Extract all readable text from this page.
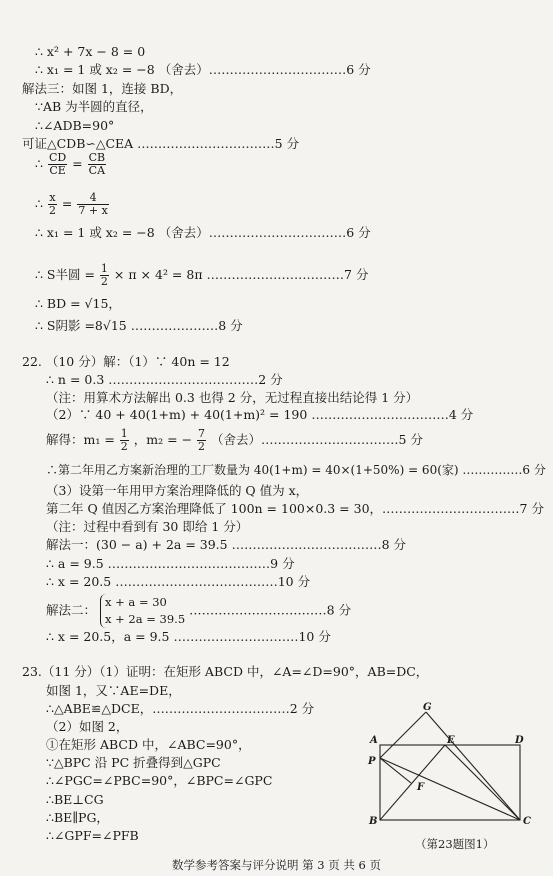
∴ x² + 7x − 8 = 0
∴ x₁ = 1 或 x₂ = −8 （舍去）……………………………6 分
解法三：如图 1，连接 BD，
∵AB 为半圆的直径，
∴∠ADB=90°
可证△CDB∽△CEA ……………………………5 分
∴ $\frac{CD}{CE} = \frac{CB}{CA}$
∴ $\frac{x}{2} = \frac{4}{7 + x}$
∴ x₁ = 1 或 x₂ = −8 （舍去）……………………………6 分
∴ S半圆 = $\frac{1}{2} \times \pi \times 4^2 = 8\pi$ ……………………………7 分
∴ BD = √15，
∴ S阴影 =8√15 …………………8 分
22. （10 分）解：（1）∵ 40n = 12
∴ n = 0.3 ………………………………2 分
（注：用算术方法解出 0.3 也得 2 分，无过程直接出结论得 1 分）
（2）∵ 40 + 40(1+m) + 40(1+m)² = 190 ……………………………4 分
解得：$m_1 = \frac{1}{2}$ ，m₂ = − $\frac{7}{2}$ （舍去）……………………………5 分
∴第二年用乙方案新治理的工厂数量为 40(1+m) = 40×(1+50%) = 60(家) ……………6 分
（3）设第一年用甲方案治理降低的 Q 值为 x，
第二年 Q 值因乙方案治理降低了 100n = 100×0.3 = 30，……………………………7 分
（注：过程中看到有 30 即给 1 分）
解法一：(30 − a) + 2a = 39.5 ………………………………8 分
∴ a = 9.5 …………………………………9 分
∴ x = 20.5 …………………………………10 分
解法二：
x + a = 30
x + 2a = 39.5
……………………………8 分
∴ x = 20.5，a = 9.5 …………………………10 分
23.（11 分）（1）证明：在矩形 ABCD 中，∠A=∠D=90°，AB=DC，
如图 1，又∵AE=DE，
∴△ABE≌△DCE，……………………………2 分
（2）如图 2，
①在矩形 ABCD 中，∠ABC=90°，
∵△BPC 沿 PC 折叠得到△GPC
∴∠PGC=∠PBC=90°，∠BPC=∠GPC
∴BE⊥CG
∴BE∥PG，
∴∠GPF=∠PFB
G
A	E	D
P
F
B	C
（第23题图1）
数学参考答案与评分说明 第 3 页 共 6 页
